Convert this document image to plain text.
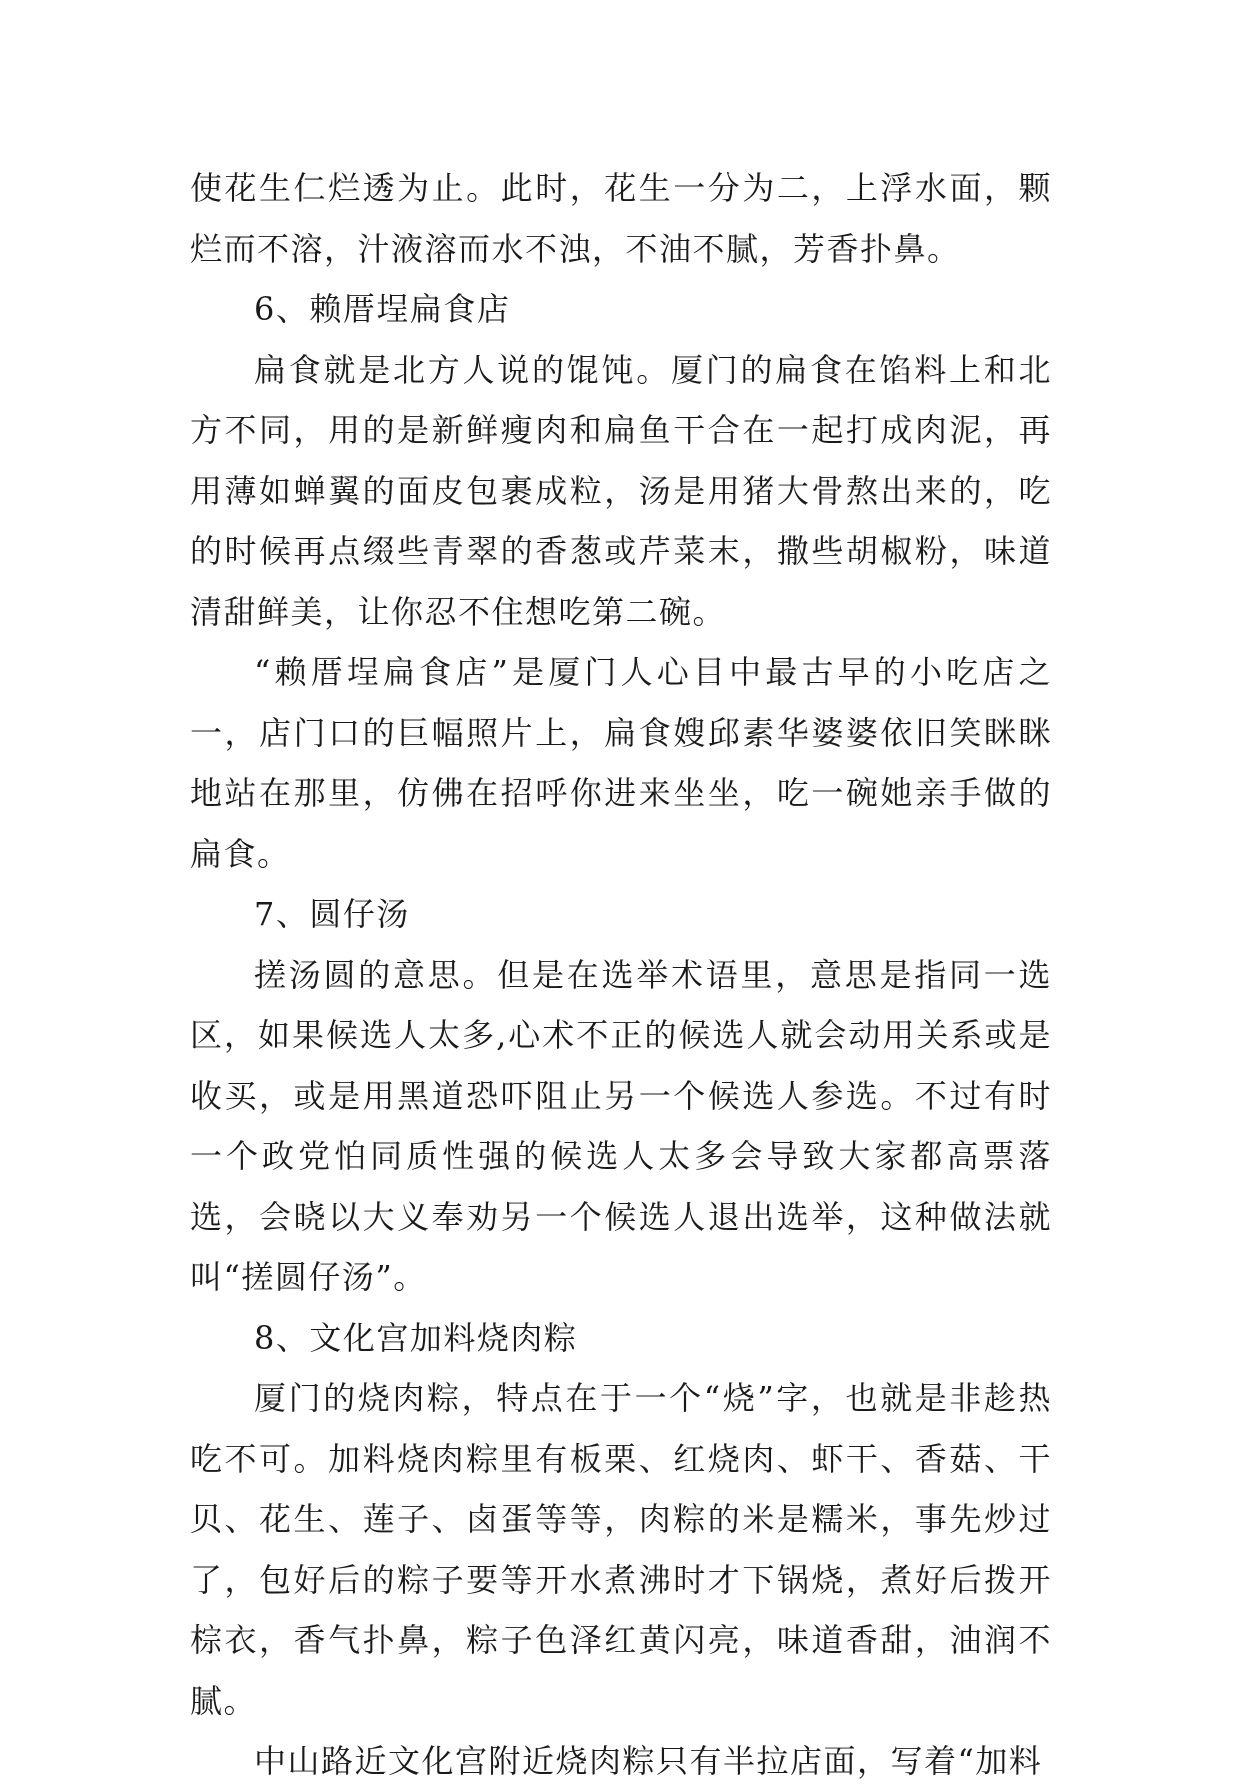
使花生仁烂透为止。此时，花生一分为二，上浮水面，颗烂而不溶，汁液溶而水不浊，不油不腻，芳香扑鼻。

6、赖厝埕扁食店

扁食就是北方人说的馄饨。厦门的扁食在馅料上和北方不同，用的是新鲜瘦肉和扁鱼干合在一起打成肉泥，再用薄如蝉翼的面皮包裹成粒，汤是用猪大骨熬出来的，吃的时候再点缀些青翠的香葱或芹菜末，撒些胡椒粉，味道清甜鲜美，让你忍不住想吃第二碗。

“赖厝埕扁食店”是厦门人心目中最古早的小吃店之一，店门口的巨幅照片上，扁食嫂邱素华婆婆依旧笑眯眯地站在那里，仿佛在招呼你进来坐坐，吃一碗她亲手做的扁食。

7、圆仔汤

搓汤圆的意思。但是在选举术语里，意思是指同一选区，如果候选人太多,心术不正的候选人就会动用关系或是收买，或是用黑道恐吓阻止另一个候选人参选。不过有时一个政党怕同质性强的候选人太多会导致大家都高票落选，会晓以大义奉劝另一个候选人退出选举，这种做法就叫“搓圆仔汤”。

8、文化宫加料烧肉粽

厦门的烧肉粽，特点在于一个“烧”字，也就是非趁热吃不可。加料烧肉粽里有板栗、红烧肉、虾干、香菇、干贝、花生、莲子、卤蛋等等，肉粽的米是糯米，事先炒过了，包好后的粽子要等开水煮沸时才下锅烧，煮好后拨开棕衣，香气扑鼻，粽子色泽红黄闪亮，味道香甜，油润不腻。

中山路近文化宫附近烧肉粽只有半拉店面，写着“加料
